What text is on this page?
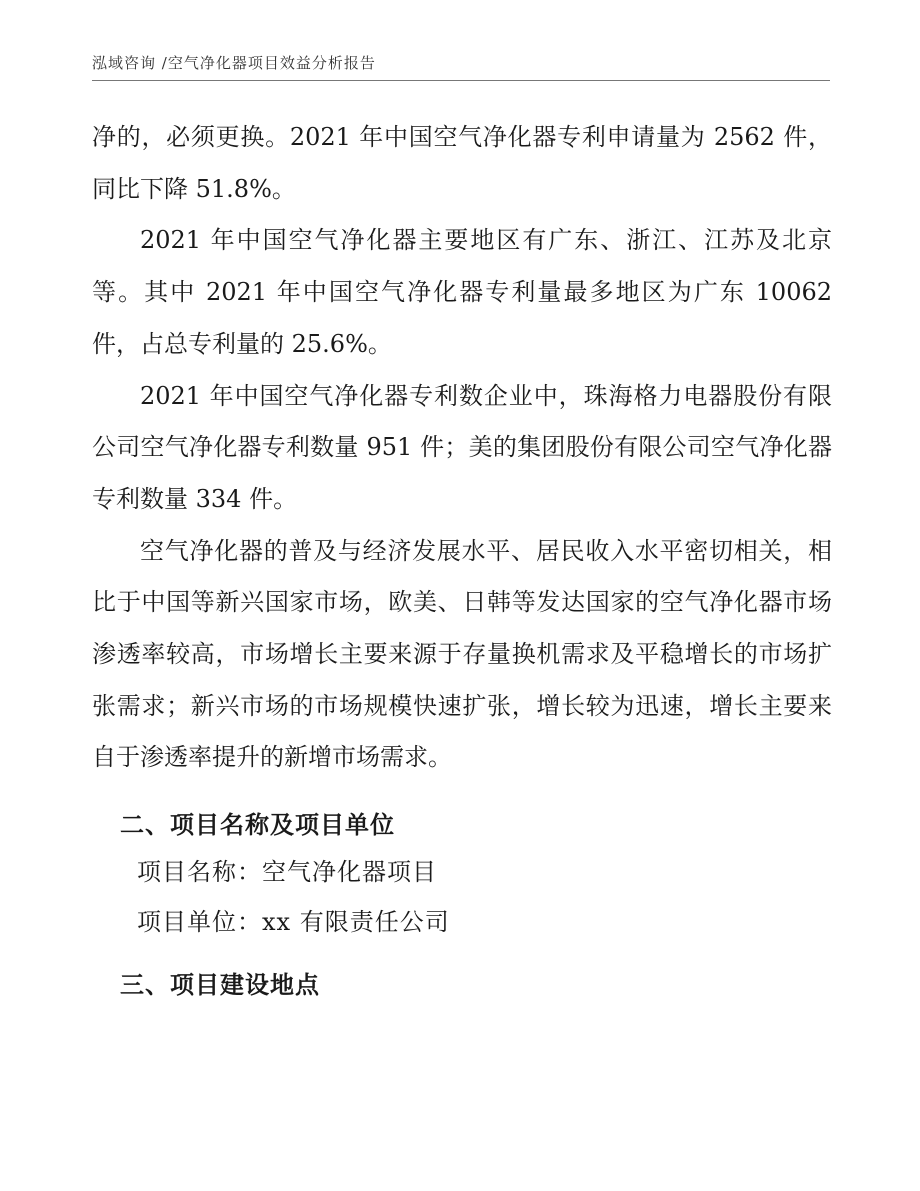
泓域咨询 /空气净化器项目效益分析报告

净的，必须更换。2021 年中国空气净化器专利申请量为 2562 件，同比下降 51.8%。

2021 年中国空气净化器主要地区有广东、浙江、江苏及北京等。其中 2021 年中国空气净化器专利量最多地区为广东 10062 件，占总专利量的 25.6%。

2021 年中国空气净化器专利数企业中，珠海格力电器股份有限公司空气净化器专利数量 951 件；美的集团股份有限公司空气净化器专利数量 334 件。

空气净化器的普及与经济发展水平、居民收入水平密切相关，相比于中国等新兴国家市场，欧美、日韩等发达国家的空气净化器市场渗透率较高，市场增长主要来源于存量换机需求及平稳增长的市场扩张需求；新兴市场的市场规模快速扩张，增长较为迅速，增长主要来自于渗透率提升的新增市场需求。

二、项目名称及项目单位

项目名称：空气净化器项目

项目单位：xx 有限责任公司

三、项目建设地点
